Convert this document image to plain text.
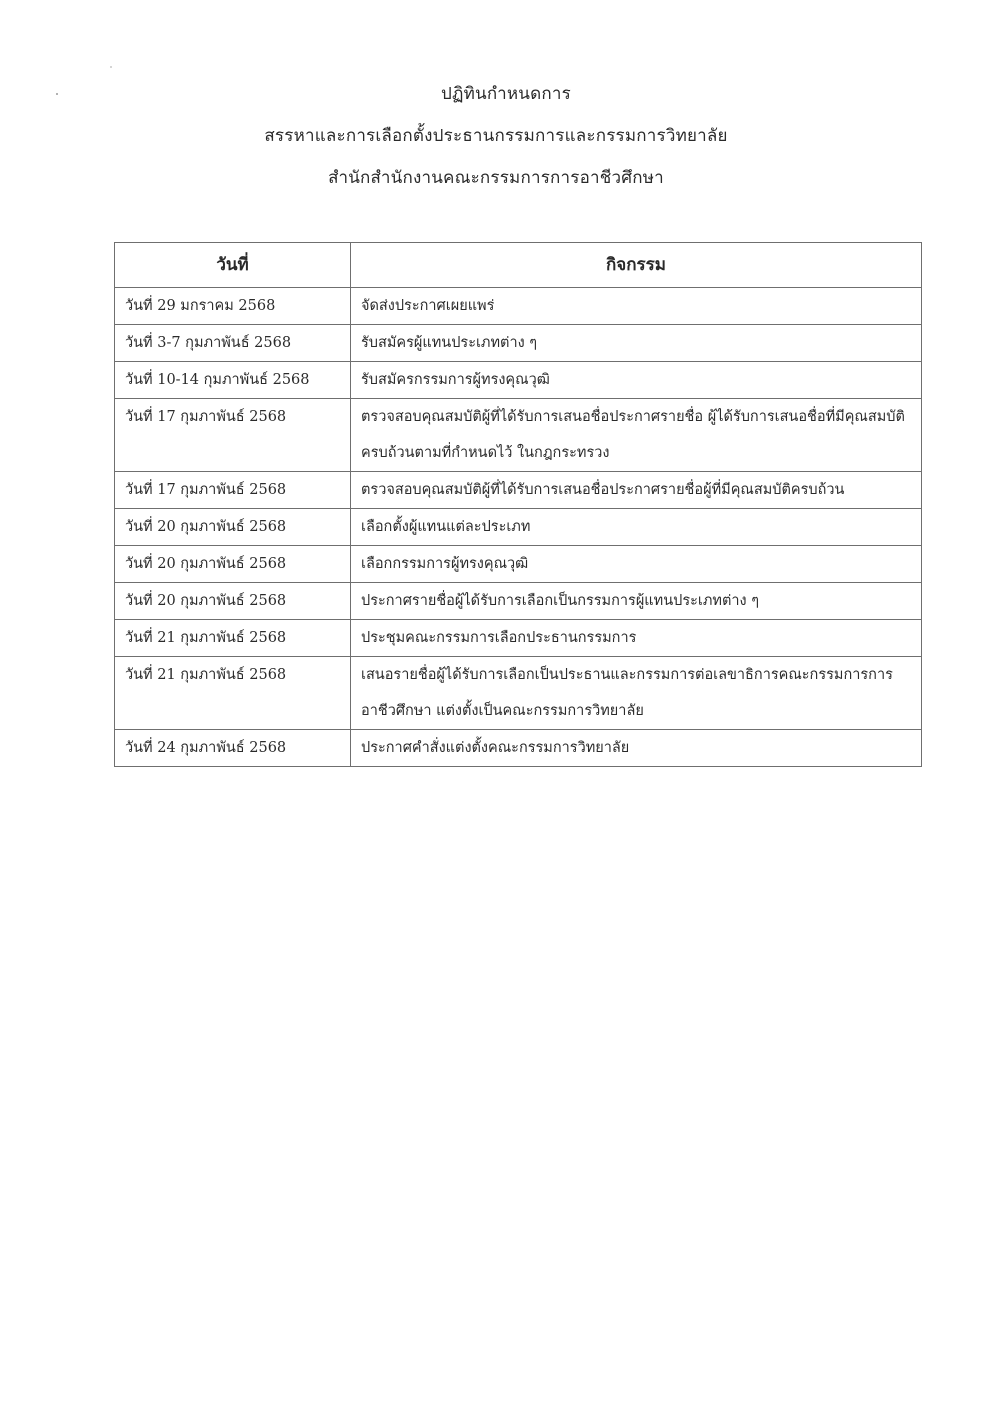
ปฏิทินกำหนดการ
สรรหาและการเลือกตั้งประธานกรรมการและกรรมการวิทยาลัย
สำนักสำนักงานคณะกรรมการการอาชีวศึกษา
วันที่	กิจกรรม
วันที่ 29 มกราคม 2568	จัดส่งประกาศเผยแพร่
วันที่ 3-7 กุมภาพันธ์ 2568	รับสมัครผู้แทนประเภทต่าง ๆ
วันที่ 10-14 กุมภาพันธ์ 2568	รับสมัครกรรมการผู้ทรงคุณวุฒิ
วันที่ 17 กุมภาพันธ์ 2568	ตรวจสอบคุณสมบัติผู้ที่ได้รับการเสนอชื่อประกาศรายชื่อ ผู้ได้รับการเสนอชื่อที่มีคุณสมบัติครบถ้วนตามที่กำหนดไว้ ในกฎกระทรวง
วันที่ 17 กุมภาพันธ์ 2568	ตรวจสอบคุณสมบัติผู้ที่ได้รับการเสนอชื่อประกาศรายชื่อผู้ที่มีคุณสมบัติครบถ้วน
วันที่ 20 กุมภาพันธ์ 2568	เลือกตั้งผู้แทนแต่ละประเภท
วันที่ 20 กุมภาพันธ์ 2568	เลือกกรรมการผู้ทรงคุณวุฒิ
วันที่ 20 กุมภาพันธ์ 2568	ประกาศรายชื่อผู้ได้รับการเลือกเป็นกรรมการผู้แทนประเภทต่าง ๆ
วันที่ 21 กุมภาพันธ์ 2568	ประชุมคณะกรรมการเลือกประธานกรรมการ
วันที่ 21 กุมภาพันธ์ 2568	เสนอรายชื่อผู้ได้รับการเลือกเป็นประธานและกรรมการต่อเลขาธิการคณะกรรมการการอาชีวศึกษา แต่งตั้งเป็นคณะกรรมการวิทยาลัย
วันที่ 24 กุมภาพันธ์ 2568	ประกาศคำสั่งแต่งตั้งคณะกรรมการวิทยาลัย
